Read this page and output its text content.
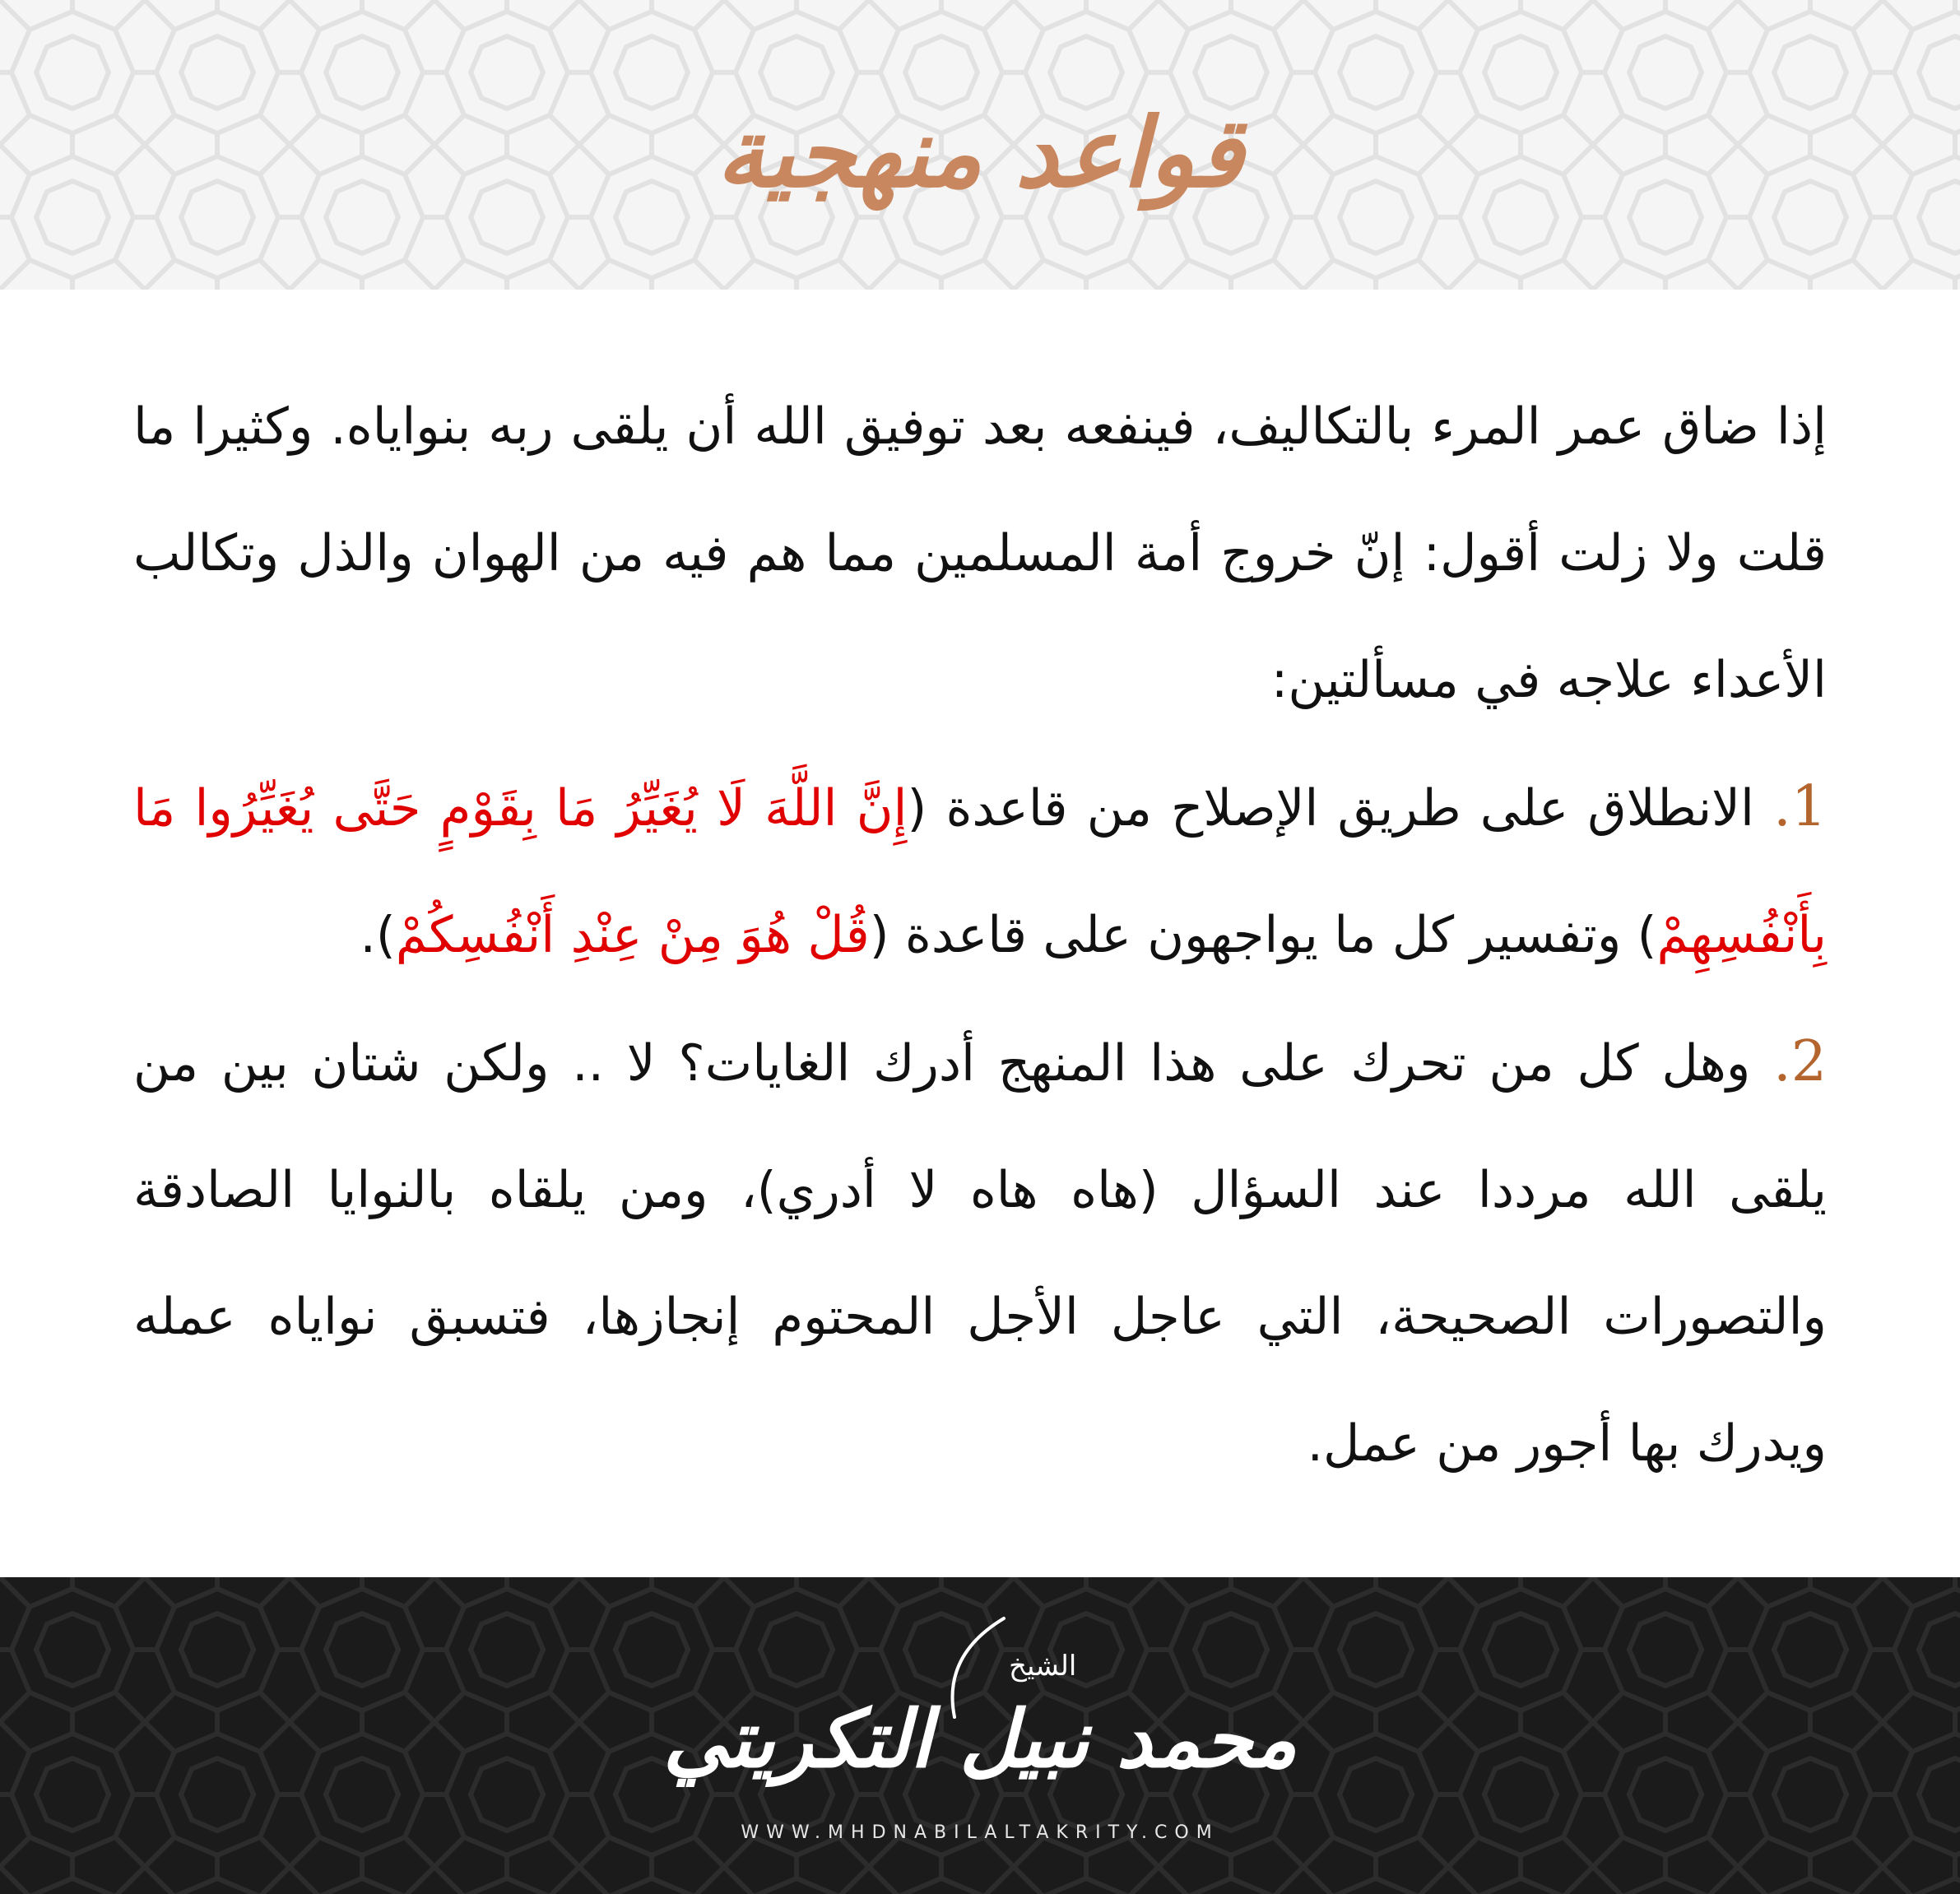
قواعد منهجية

إذا ضاق عمر المرء بالتكاليف، فينفعه بعد توفيق الله أن يلقى ربه بنواياه. وكثيرا ما قلت ولا زلت أقول: إنّ خروج أمة المسلمين مما هم فيه من الهوان والذل وتكالب الأعداء علاجه في مسألتين:

1. الانطلاق على طريق الإصلاح من قاعدة (إِنَّ اللَّهَ لَا يُغَيِّرُ مَا بِقَوْمٍ حَتَّى يُغَيِّرُوا مَا بِأَنْفُسِهِمْ) وتفسير كل ما يواجهون على قاعدة (قُلْ هُوَ مِنْ عِنْدِ أَنْفُسِكُمْ).

2. وهل كل من تحرك على هذا المنهج أدرك الغايات؟ لا .. ولكن شتان بين من يلقى الله مرددا عند السؤال (هاه هاه لا أدري)، ومن يلقاه بالنوايا الصادقة والتصورات الصحيحة، التي عاجل الأجل المحتوم إنجازها، فتسبق نواياه عمله ويدرك بها أجور من عمل.

الشيخ
محمد نبيل التكريتي
WWW.MHDNABILALTAKRITY.COM
